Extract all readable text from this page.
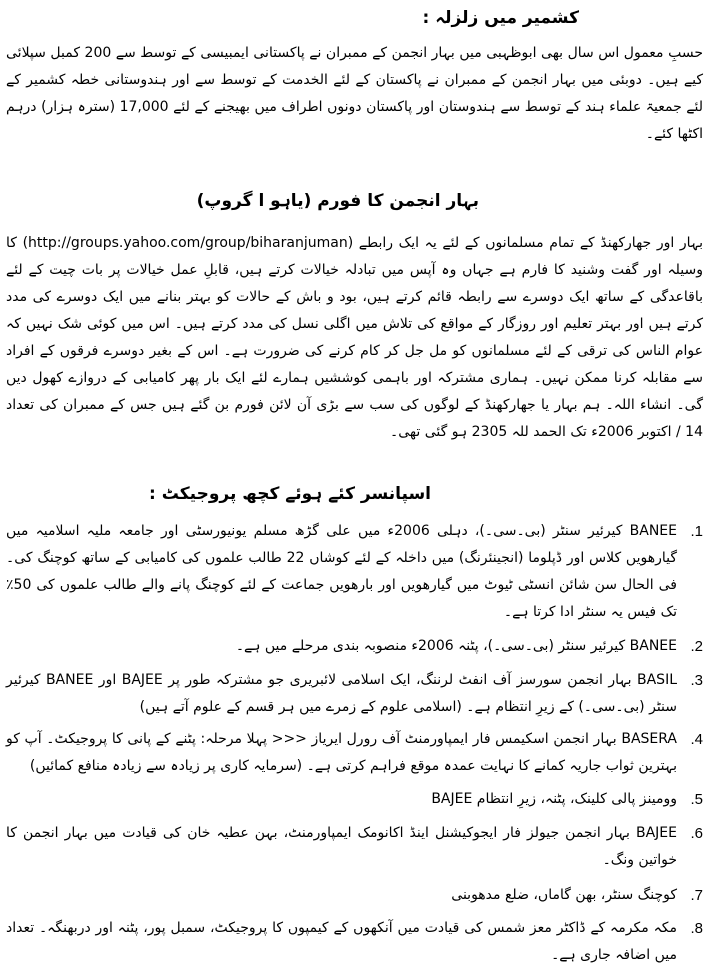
کشمیر میں زلزلہ :
حسبِ معمول اس سال بھی ابوظہبی میں بہار انجمن کے ممبران نے پاکستانی ایمبیسی کے توسط سے 200 کمبل سپلائی کیے ہیں۔ دوبئی میں بہار انجمن کے ممبران نے پاکستان کے لئے الخدمت کے توسط سے اور ہندوستانی خطہ کشمیر کے لئے جمعیۃ علماء ہند کے توسط سے ہندوستان اور پاکستان دونوں اطراف میں بھیجنے کے لئے 17,000 (سترہ ہزار) درہم اکٹھا کئے۔
بہار انجمن کا فورم (یاہو ا گروپ)
بہار اور جھارکھنڈ کے تمام مسلمانوں کے لئے یہ ایک رابطے (http://groups.yahoo.com/group/biharanjuman) کا وسیلہ اور گفت وشنید کا فارم ہے جہاں وہ آپس میں تبادلہ خیالات کرتے ہیں، قابلِ عمل خیالات پر بات چیت کے لئے باقاعدگی کے ساتھ ایک دوسرے سے رابطہ قائم کرتے ہیں، بود و باش کے حالات کو بہتر بنانے میں ایک دوسرے کی مدد کرتے ہیں اور بہتر تعلیم اور روزگار کے مواقع کی تلاش میں اگلی نسل کی مدد کرتے ہیں۔ اس میں کوئی شک نہیں کہ عوام الناس کی ترقی کے لئے مسلمانوں کو مل جل کر کام کرنے کی ضرورت ہے۔ اس کے بغیر دوسرے فرقوں کے افراد سے مقابلہ کرنا ممکن نہیں۔ ہماری مشترکہ اور باہمی کوششیں ہمارے لئے ایک بار پھر کامیابی کے دروازے کھول دیں گی۔ انشاء اللہ۔ ہم بہار یا جھارکھنڈ کے لوگوں کی سب سے بڑی آن لائن فورم بن گئے ہیں جس کے ممبران کی تعداد 14 / اکتوبر 2006ء تک الحمد للہ 2305 ہو گئی تھی۔
اسپانسر کئے ہوئے کچھ پروجیکٹ :
1.
BANEE کیرئیر سنٹر (بی۔سی۔)، دہلی 2006ء میں علی گڑھ مسلم یونیورسٹی اور جامعہ ملیہ اسلامیہ میں گیارھویں کلاس اور ڈپلوما (انجینئرنگ) میں داخلہ کے لئے کوشاں 22 طالب علموں کی کامیابی کے ساتھ کوچنگ کی۔ فی الحال سن شائن انسٹی ٹیوٹ میں گیارھویں اور بارھویں جماعت کے لئے کوچنگ پانے والے طالب علموں کی 50٪ تک فیس یہ سنٹر ادا کرتا ہے۔
2.
BANEE کیرئیر سنٹر (بی۔سی۔)، پٹنہ 2006ء منصوبہ بندی مرحلے میں ہے۔
3.
BASIL بہار انجمن سورسز آف انفٹ لرننگ، ایک اسلامی لائبریری جو مشترکہ طور پر BAJEE اور BANEE کیرئیر سنٹر (بی۔سی۔) کے زیرِ انتظام ہے۔ (اسلامی علوم کے زمرے میں ہر قسم کے علوم آتے ہیں)
4.
BASERA بہار انجمن اسکیمس فار ایمپاورمنٹ آف رورل ایریاز <<< پہلا مرحلہ: پٹنے کے پانی کا پروجیکٹ۔ آپ کو بہترین ثواب جاریہ کمانے کا نہایت عمدہ موقع فراہم کرتی ہے۔ (سرمایہ کاری پر زیادہ سے زیادہ منافع کمائیں)
5.
وومینز پالی کلینک، پٹنہ، زیرِ انتظام BAJEE
6.
BAJEE بہار انجمن جیولز فار ایجوکیشنل اینڈ اکانومک ایمپاورمنٹ، بہن عطیہ خان کی قیادت میں بہار انجمن کا خواتین ونگ۔
7.
کوچنگ سنٹر، بھن گاماں، ضلع مدھوبنی
8.
مکہ مکرمہ کے ڈاکٹر معز شمس کی قیادت میں آنکھوں کے کیمپوں کا پروجیکٹ، سمبل پور، پٹنہ اور دربھنگہ۔ تعداد میں اضافہ جاری ہے۔
